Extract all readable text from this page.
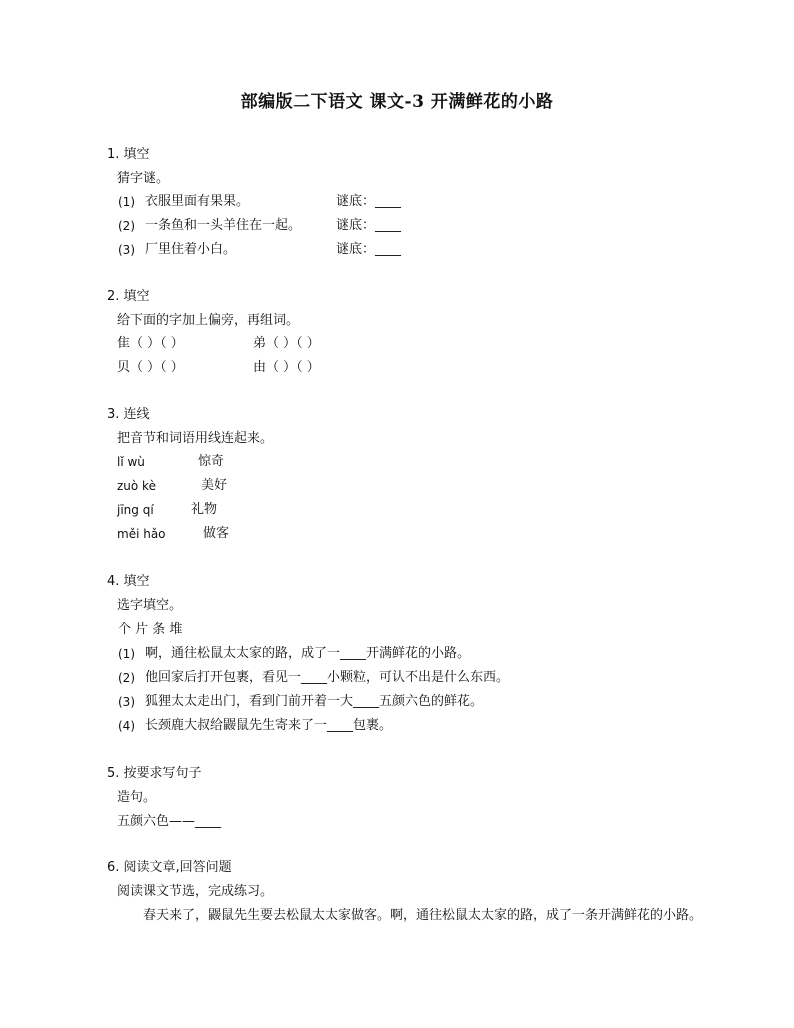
部编版二下语文 课文-3 开满鲜花的小路
1. 填空
猜字谜。
(1) 衣服里面有果果。	谜底：____
(2) 一条鱼和一头羊住在一起。	谜底：____
(3) 厂里住着小白。	谜底：____
2. 填空
给下面的字加上偏旁，再组词。
隹（ ）（ ）	弟（ ）（ ）
贝（ ）（ ）	由（ ）（ ）
3. 连线
把音节和词语用线连起来。
lǐ wù	惊奇
zuò kè	美好
jīng qí	礼物
měi hǎo	做客
4. 填空
选字填空。
个 片 条 堆
(1) 啊，通往松鼠太太家的路，成了一____开满鲜花的小路。
(2) 他回家后打开包裹，看见一____小颗粒，可认不出是什么东西。
(3) 狐狸太太走出门，看到门前开着一大____五颜六色的鲜花。
(4) 长颈鹿大叔给鼹鼠先生寄来了一____包裹。
5. 按要求写句子
造句。
五颜六色——____
6. 阅读文章,回答问题
阅读课文节选，完成练习。
春天来了，鼹鼠先生要去松鼠太太家做客。啊，通往松鼠太太家的路，成了一条开满鲜花的小路。
